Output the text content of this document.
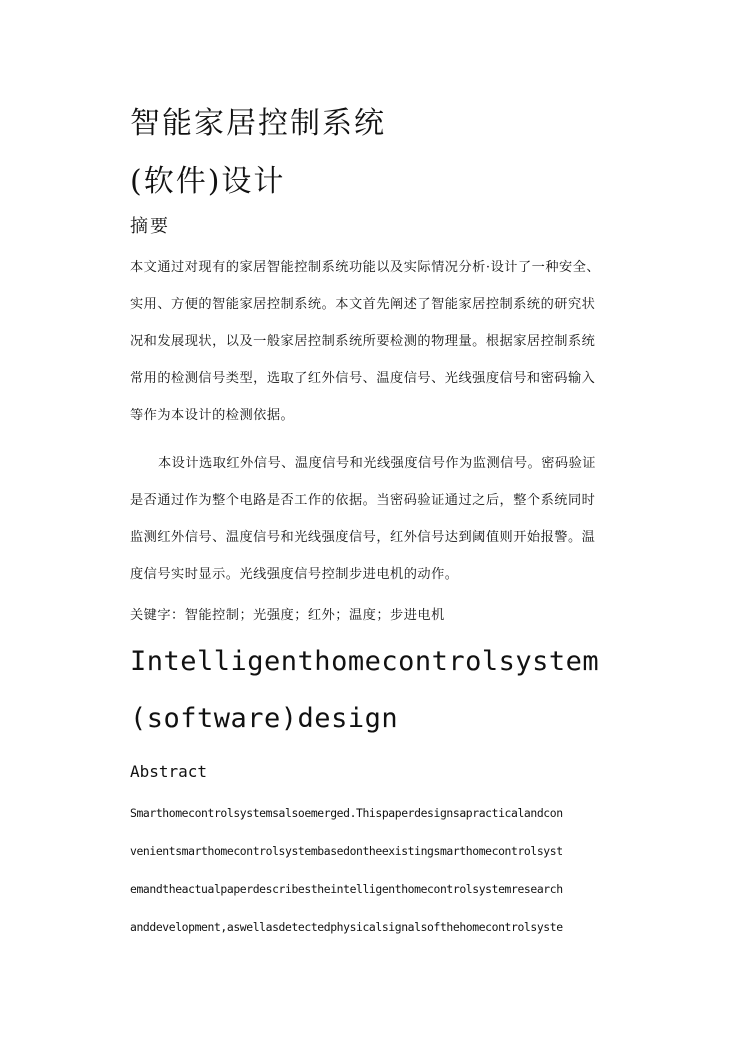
智能家居控制系统
(软件)设计
摘要
本文通过对现有的家居智能控制系统功能以及实际情况分析·设计了一种安全、
实用、方便的智能家居控制系统。本文首先阐述了智能家居控制系统的研究状
况和发展现状，以及一般家居控制系统所要检测的物理量。根据家居控制系统
常用的检测信号类型，选取了红外信号、温度信号、光线强度信号和密码输入
等作为本设计的检测依据。
本设计选取红外信号、温度信号和光线强度信号作为监测信号。密码验证
是否通过作为整个电路是否工作的依据。当密码验证通过之后，整个系统同时
监测红外信号、温度信号和光线强度信号，红外信号达到阈值则开始报警。温
度信号实时显示。光线强度信号控制步进电机的动作。
关键字：智能控制；光强度；红外；温度；步进电机
Intelligenthomecontrolsystem
(software)design
Abstract
Smarthomecontrolsystemsalsoemerged.Thispaperdesignsapracticalandcon
venientsmarthomecontrolsystembasedontheexistingsmarthomecontrolsyst
emandtheactualpaperdescribestheintelligenthomecontrolsystemresearch
anddevelopment,aswellasdetectedphysicalsignalsofthehomecontrolsyste
